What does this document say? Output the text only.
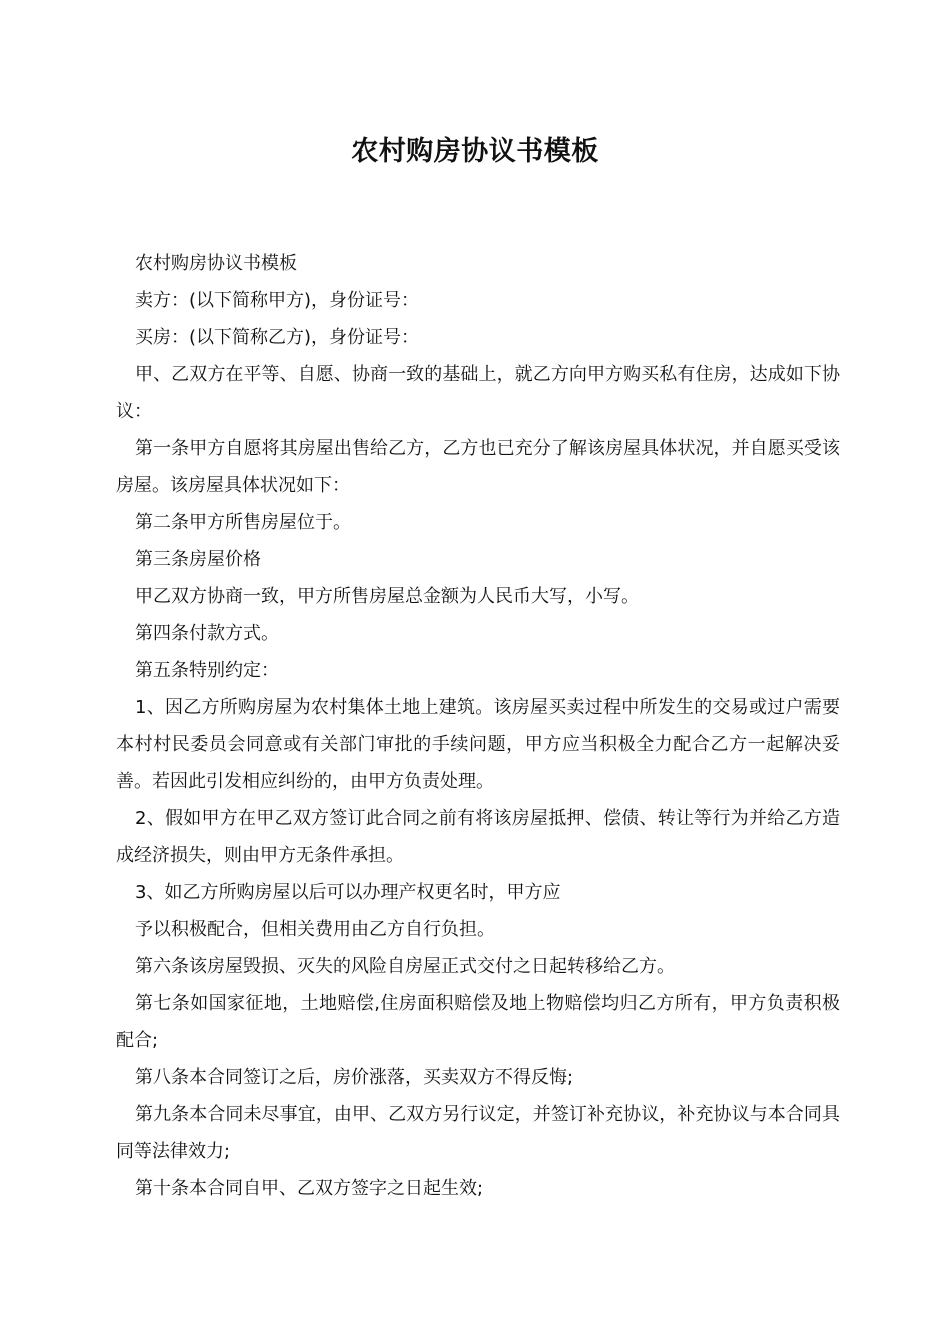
农村购房协议书模板

农村购房协议书模板

卖方：(以下简称甲方)，身份证号：

买房：(以下简称乙方)，身份证号：

甲、乙双方在平等、自愿、协商一致的基础上，就乙方向甲方购买私有住房，达成如下协议：

第一条甲方自愿将其房屋出售给乙方，乙方也已充分了解该房屋具体状况，并自愿买受该房屋。该房屋具体状况如下：

第二条甲方所售房屋位于。

第三条房屋价格

甲乙双方协商一致，甲方所售房屋总金额为人民币大写，小写。

第四条付款方式。

第五条特别约定：

1、因乙方所购房屋为农村集体土地上建筑。该房屋买卖过程中所发生的交易或过户需要本村村民委员会同意或有关部门审批的手续问题，甲方应当积极全力配合乙方一起解决妥善。若因此引发相应纠纷的，由甲方负责处理。

2、假如甲方在甲乙双方签订此合同之前有将该房屋抵押、偿债、转让等行为并给乙方造成经济损失，则由甲方无条件承担。

3、如乙方所购房屋以后可以办理产权更名时，甲方应

予以积极配合，但相关费用由乙方自行负担。

第六条该房屋毁损、灭失的风险自房屋正式交付之日起转移给乙方。

第七条如国家征地，土地赔偿,住房面积赔偿及地上物赔偿均归乙方所有，甲方负责积极配合;

第八条本合同签订之后，房价涨落，买卖双方不得反悔;

第九条本合同未尽事宜，由甲、乙双方另行议定，并签订补充协议，补充协议与本合同具同等法律效力;

第十条本合同自甲、乙双方签字之日起生效;
